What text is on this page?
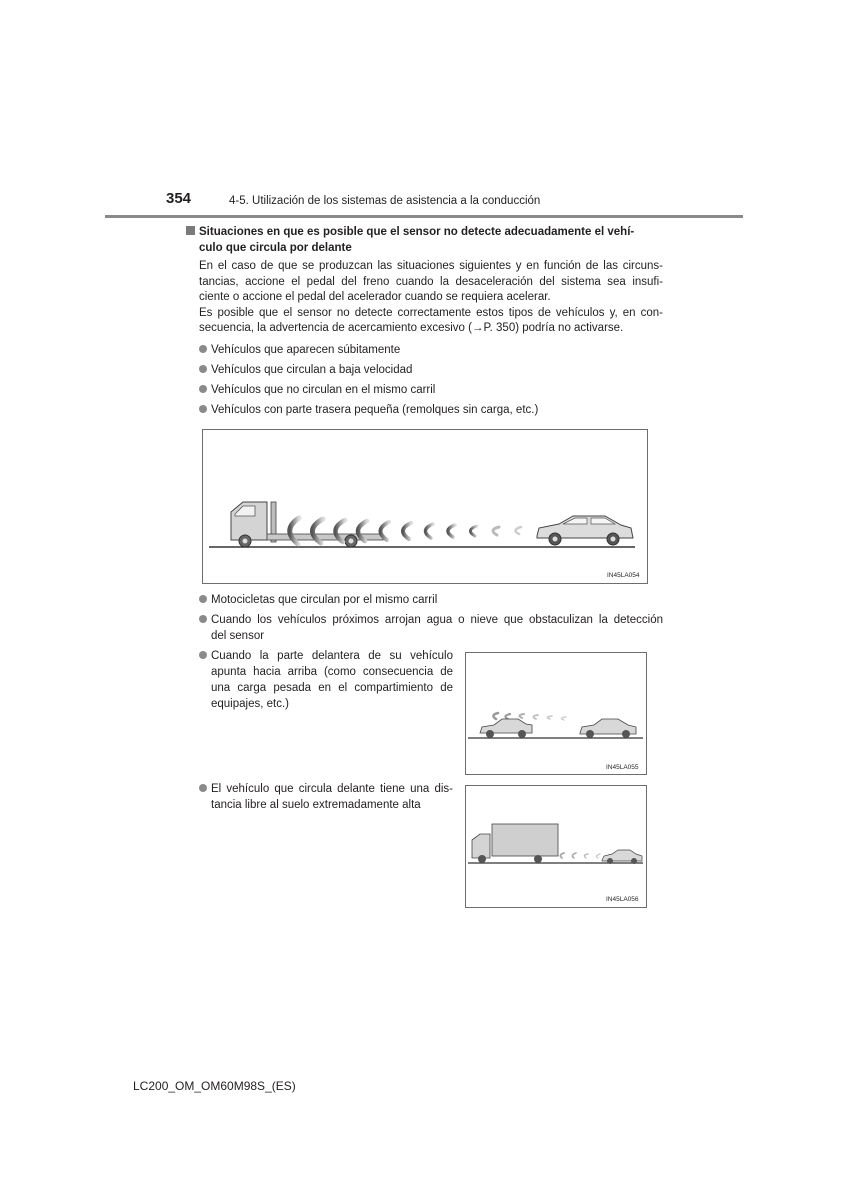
354	4-5. Utilización de los sistemas de asistencia a la conducción
Situaciones en que es posible que el sensor no detecte adecuadamente el vehí-
culo que circula por delante
En el caso de que se produzcan las situaciones siguientes y en función de las circuns-
tancias, accione el pedal del freno cuando la desaceleración del sistema sea insufi-
ciente o accione el pedal del acelerador cuando se requiera acelerar.
Es posible que el sensor no detecte correctamente estos tipos de vehículos y, en con-
secuencia, la advertencia de acercamiento excesivo (→P. 350) podría no activarse.
Vehículos que aparecen súbitamente
Vehículos que circulan a baja velocidad
Vehículos que no circulan en el mismo carril
Vehículos con parte trasera pequeña (remolques sin carga, etc.)
IN45LA054
Motocicletas que circulan por el mismo carril
Cuando los vehículos próximos arrojan agua o nieve que obstaculizan la detección
del sensor
Cuando la parte delantera de su vehículo
apunta hacia arriba (como consecuencia de
una carga pesada en el compartimiento de
equipajes, etc.)
IN45LA055
El vehículo que circula delante tiene una dis-
tancia libre al suelo extremadamente alta
IN45LA056
LC200_OM_OM60M98S_(ES)
